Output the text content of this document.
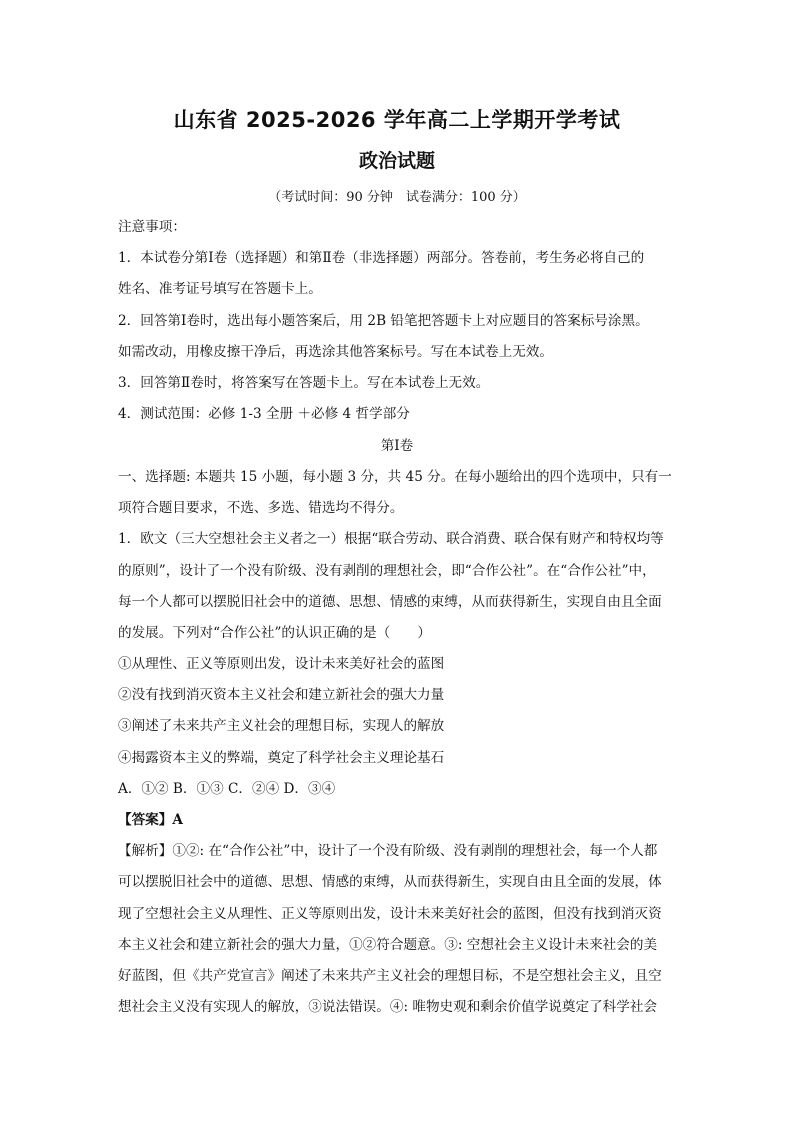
山东省 2025-2026 学年高二上学期开学考试
政治试题
（考试时间：90 分钟　试卷满分：100 分）
注意事项：
1．本试卷分第Ⅰ卷（选择题）和第Ⅱ卷（非选择题）两部分。答卷前，考生务必将自己的
姓名、准考证号填写在答题卡上。
2．回答第Ⅰ卷时，选出每小题答案后，用 2B 铅笔把答题卡上对应题目的答案标号涂黑。
如需改动，用橡皮擦干净后，再选涂其他答案标号。写在本试卷上无效。
3．回答第Ⅱ卷时，将答案写在答题卡上。写在本试卷上无效。
4．测试范围：必修 1-3 全册 ＋必修 4 哲学部分
第Ⅰ卷
一、选择题: 本题共 15 小题，每小题 3 分，共 45 分。在每小题给出的四个选项中，只有一
项符合题目要求，不选、多选、错选均不得分。
1．欧文（三大空想社会主义者之一）根据“联合劳动、联合消费、联合保有财产和特权均等
的原则”，设计了一个没有阶级、没有剥削的理想社会，即“合作公社”。在“合作公社”中，
每一个人都可以摆脱旧社会中的道德、思想、情感的束缚，从而获得新生，实现自由且全面
的发展。下列对“合作公社”的认识正确的是（　　）
①从理性、正义等原则出发，设计未来美好社会的蓝图
②没有找到消灭资本主义社会和建立新社会的强大力量
③阐述了未来共产主义社会的理想目标，实现人的解放
④揭露资本主义的弊端，奠定了科学社会主义理论基石
A．①② B．①③ C．②④ D．③④
【答案】A
【解析】①②: 在“合作公社”中，设计了一个没有阶级、没有剥削的理想社会，每一个人都
可以摆脱旧社会中的道德、思想、情感的束缚，从而获得新生，实现自由且全面的发展，体
现了空想社会主义从理性、正义等原则出发，设计未来美好社会的蓝图，但没有找到消灭资
本主义社会和建立新社会的强大力量，①②符合题意。③: 空想社会主义设计未来社会的美
好蓝图，但《共产党宣言》阐述了未来共产主义社会的理想目标，不是空想社会主义，且空
想社会主义没有实现人的解放，③说法错误。④: 唯物史观和剩余价值学说奠定了科学社会
